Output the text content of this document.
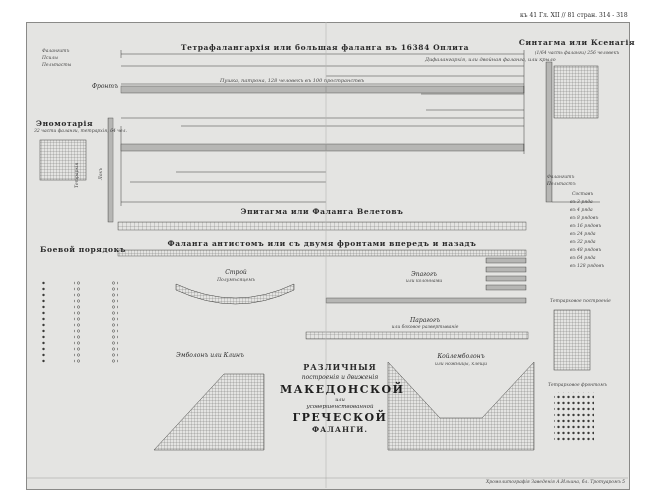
къ 41 Гл. XII // 81 стран. 314 - 318
Фалангитъ
Псилы
Пельтасты
Тетрафалангархія или большая фаланга въ 16384 Оплита
Дифалангархія, или двойная фаланга, или крыло
Фронтъ
Пушка, патрона, 128 человекъ въ 100 пространствъ
Синтагма или Ксенагія
(1/64 часть фаланги) 256 человекъ
Эномотарія
32 части фаланги, тетрархія, 64 чел.
Эпитагма или Фаланга Велетовъ
Фаланга антистомъ или съ двумя фронтами впередъ и назадъ
Боевой порядокъ
Строй
Полумѣсяцемъ
Эмболонъ или Клинъ	Койлемболонъ
или ножницы, клещи
Эпагогъ
или колоннами
Парагогъ
или боковое развертываніе
Фалангитъ
Пельтастъ
Составъ
въ 3 ряда
въ 4 ряда
въ 8 рядовъ
въ 16 рядовъ
въ 24 ряда
въ 32 ряда
въ 48 рядовъ
въ 64 ряда
въ 128 рядовъ
Тетрарховое построеніе
Тетрарховое фронтомъ
Тетрархія	Лохъ
РАЗЛИЧНЫЯ
построенія и движенія
МАКЕДОНСКОЙ
или
усовершенствованной
ГРЕЧЕСКОЙ
ФАЛАНГИ.
Хромолитографія Заведенія А.Ильина, бл. Тротуаромъ 5
